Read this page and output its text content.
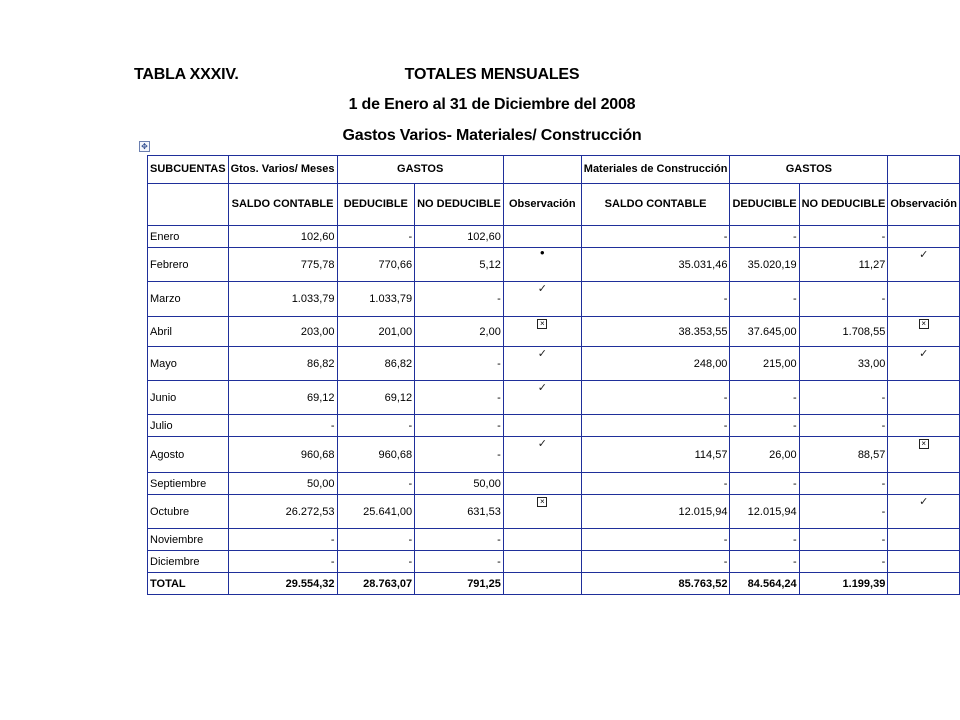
TABLA XXXIV.	TOTALES MENSUALES
1 de Enero al 31 de Diciembre del 2008
Gastos Varios- Materiales/ Construcción
✥
SUBCUENTAS	Gtos. Varios/ Meses	GASTOS			Materiales de Construcción	GASTOS		
	SALDO CONTABLE	DEDUCIBLE	NO DEDUCIBLE	Observación	SALDO CONTABLE	DEDUCIBLE	NO DEDUCIBLE	Observación
Enero	102,60	-	102,60		-	-	-	
Febrero	775,78	770,66	5,12	•	35.031,46	35.020,19	11,27	✓
Marzo	1.033,79	1.033,79	-	✓	-	-	-	
Abril	203,00	201,00	2,00	×	38.353,55	37.645,00	1.708,55	×
Mayo	86,82	86,82	-	✓	248,00	215,00	33,00	✓
Junio	69,12	69,12	-	✓	-	-	-	
Julio	-	-	-		-	-	-	
Agosto	960,68	960,68	-	✓	114,57	26,00	88,57	×
Septiembre	50,00	-	50,00		-	-	-	
Octubre	26.272,53	25.641,00	631,53	×	12.015,94	12.015,94	-	✓
Noviembre	-	-	-		-	-	-	
Diciembre	-	-	-		-	-	-	
TOTAL	29.554,32	28.763,07	791,25		85.763,52	84.564,24	1.199,39	
